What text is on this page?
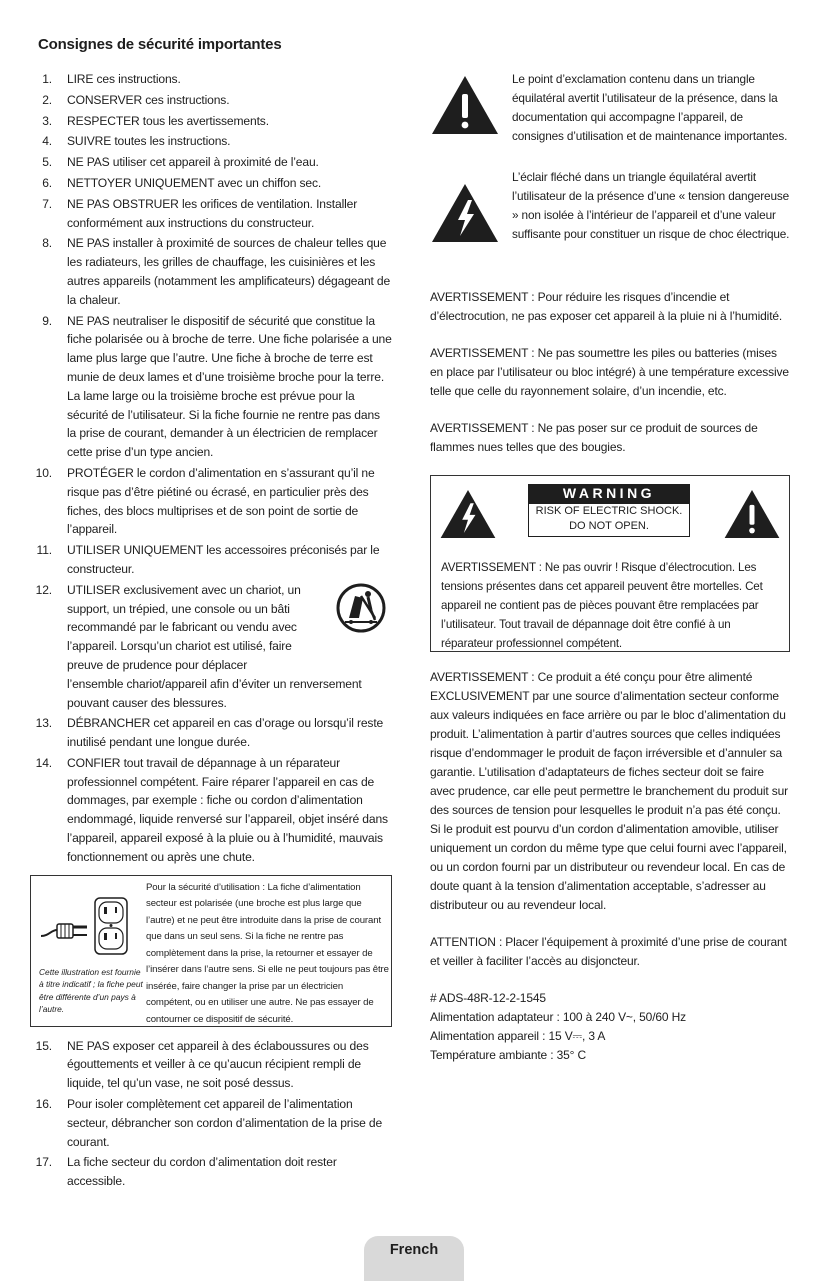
Consignes de sécurité importantes
1. LIRE ces instructions.
2. CONSERVER ces instructions.
3. RESPECTER tous les avertissements.
4. SUIVRE toutes les instructions.
5. NE PAS utiliser cet appareil à proximité de l’eau.
6. NETTOYER UNIQUEMENT avec un chiffon sec.
7. NE PAS OBSTRUER les orifices de ventilation. Installer conformément aux instructions du constructeur.
8. NE PAS installer à proximité de sources de chaleur telles que les radiateurs, les grilles de chauffage, les cuisinières et les autres appareils (notamment les amplificateurs) dégageant de la chaleur.
9. NE PAS neutraliser le dispositif de sécurité que constitue la fiche polarisée ou à broche de terre. Une fiche polarisée a une lame plus large que l’autre. Une fiche à broche de terre est munie de deux lames et d’une troisième broche pour la terre. La lame large ou la troisième broche est prévue pour la sécurité de l’utilisateur. Si la fiche fournie ne rentre pas dans la prise de courant, demander à un électricien de remplacer cette prise d’un type ancien.
10. PROTÉGER le cordon d’alimentation en s’assurant qu’il ne risque pas d’être piétiné ou écrasé, en particulier près des fiches, des blocs multiprises et de son point de sortie de l’appareil.
11. UTILISER UNIQUEMENT les accessoires préconisés par le constructeur.
12. UTILISER exclusivement avec un chariot, un support, un trépied, une console ou un bâti recommandé par le fabricant ou vendu avec l’appareil. Lorsqu’un chariot est utilisé, faire preuve de prudence pour déplacer
l’ensemble chariot/appareil afin d’éviter un renversement pouvant causer des blessures.
13. DÉBRANCHER cet appareil en cas d’orage ou lorsqu’il reste inutilisé pendant une longue durée.
14. CONFIER tout travail de dépannage à un réparateur professionnel compétent. Faire réparer l’appareil en cas de dommages, par exemple : fiche ou cordon d’alimentation endommagé, liquide renversé sur l’appareil, objet inséré dans l’appareil, appareil exposé à la pluie ou à l’humidité, mauvais fonctionnement ou après une chute.
Cette illustration est fournie à titre indicatif ; la fiche peut être différente d’un pays à l’autre.
Pour la sécurité d’utilisation : La fiche d’alimentation secteur est polarisée (une broche est plus large que l’autre) et ne peut être introduite dans la prise de courant que dans un seul sens. Si la fiche ne rentre pas complètement dans la prise, la retourner et essayer de l’insérer dans l’autre sens. Si elle ne peut toujours pas être insérée, faire changer la prise par un électricien compétent, ou en utiliser une autre. Ne pas essayer de contourner ce dispositif de sécurité.
15. NE PAS exposer cet appareil à des éclaboussures ou des égouttements et veiller à ce qu’aucun récipient rempli de liquide, tel qu’un vase, ne soit posé dessus.
16. Pour isoler complètement cet appareil de l’alimentation secteur, débrancher son cordon d’alimentation de la prise de courant.
17. La fiche secteur du cordon d’alimentation doit rester accessible.
Le point d’exclamation contenu dans un triangle équilatéral avertit l’utilisateur de la présence, dans la documentation qui accompagne l’appareil, de consignes d’utilisation et de maintenance importantes.
L’éclair fléché dans un triangle équilatéral avertit l’utilisateur de la présence d’une « tension dangereuse » non isolée à l’intérieur de l’appareil et d’une valeur suffisante pour constituer un risque de choc électrique.

AVERTISSEMENT : Pour réduire les risques d’incendie et d’électrocution, ne pas exposer cet appareil à la pluie ni à l’humidité.

AVERTISSEMENT : Ne pas soumettre les piles ou batteries (mises en place par l’utilisateur ou bloc intégré) à une température excessive telle que celle du rayonnement solaire, d’un incendie, etc.

AVERTISSEMENT : Ne pas poser sur ce produit de sources de flammes nues telles que des bougies.

WARNING
RISK OF ELECTRIC SHOCK.
DO NOT OPEN.
AVERTISSEMENT : Ne pas ouvrir ! Risque d’électrocution. Les tensions présentes dans cet appareil peuvent être mortelles. Cet appareil ne contient pas de pièces pouvant être remplacées par l’utilisateur. Tout travail de dépannage doit être confié à un réparateur professionnel compétent.

AVERTISSEMENT : Ce produit a été conçu pour être alimenté EXCLUSIVEMENT par une source d’alimentation secteur conforme aux valeurs indiquées en face arrière ou par le bloc d’alimentation du produit. L’alimentation à partir d’autres sources que celles indiquées risque d’endommager le produit de façon irréversible et d’annuler sa garantie. L’utilisation d’adaptateurs de fiches secteur doit se faire avec prudence, car elle peut permettre le branchement du produit sur des sources de tension pour lesquelles le produit n’a pas été conçu. Si le produit est pourvu d’un cordon d’alimentation amovible, utiliser uniquement un cordon du même type que celui fourni avec l’appareil, ou un cordon fourni par un distributeur ou revendeur local. En cas de doute quant à la tension d’alimentation acceptable, s’adresser au distributeur ou au revendeur local.

ATTENTION : Placer l’équipement à proximité d’une prise de courant et veiller à faciliter l’accès au disjoncteur.

# ADS-48R-12-2-1545
Alimentation adaptateur : 100 à 240 V~, 50/60 Hz
Alimentation appareil : 15 V⎓, 3 A
Température ambiante : 35° C
French
